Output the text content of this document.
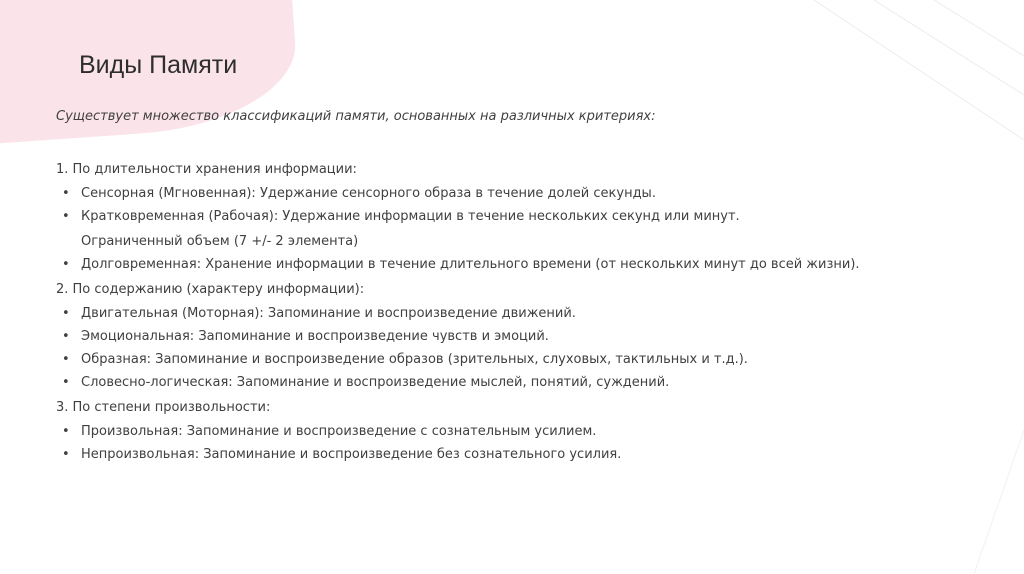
Виды Памяти
Существует множество классификаций памяти, основанных на различных критериях:
1. По длительности хранения информации:
• Сенсорная (Мгновенная): Удержание сенсорного образа в течение долей секунды.
• Кратковременная (Рабочая): Удержание информации в течение нескольких секунд или минут.
Ограниченный объем (7 +/- 2 элемента)
• Долговременная: Хранение информации в течение длительного времени (от нескольких минут до всей жизни).
2. По содержанию (характеру информации):
• Двигательная (Моторная): Запоминание и воспроизведение движений.
• Эмоциональная: Запоминание и воспроизведение чувств и эмоций.
• Образная: Запоминание и воспроизведение образов (зрительных, слуховых, тактильных и т.д.).
• Словесно-логическая: Запоминание и воспроизведение мыслей, понятий, суждений.
3. По степени произвольности:
• Произвольная: Запоминание и воспроизведение с сознательным усилием.
• Непроизвольная: Запоминание и воспроизведение без сознательного усилия.
